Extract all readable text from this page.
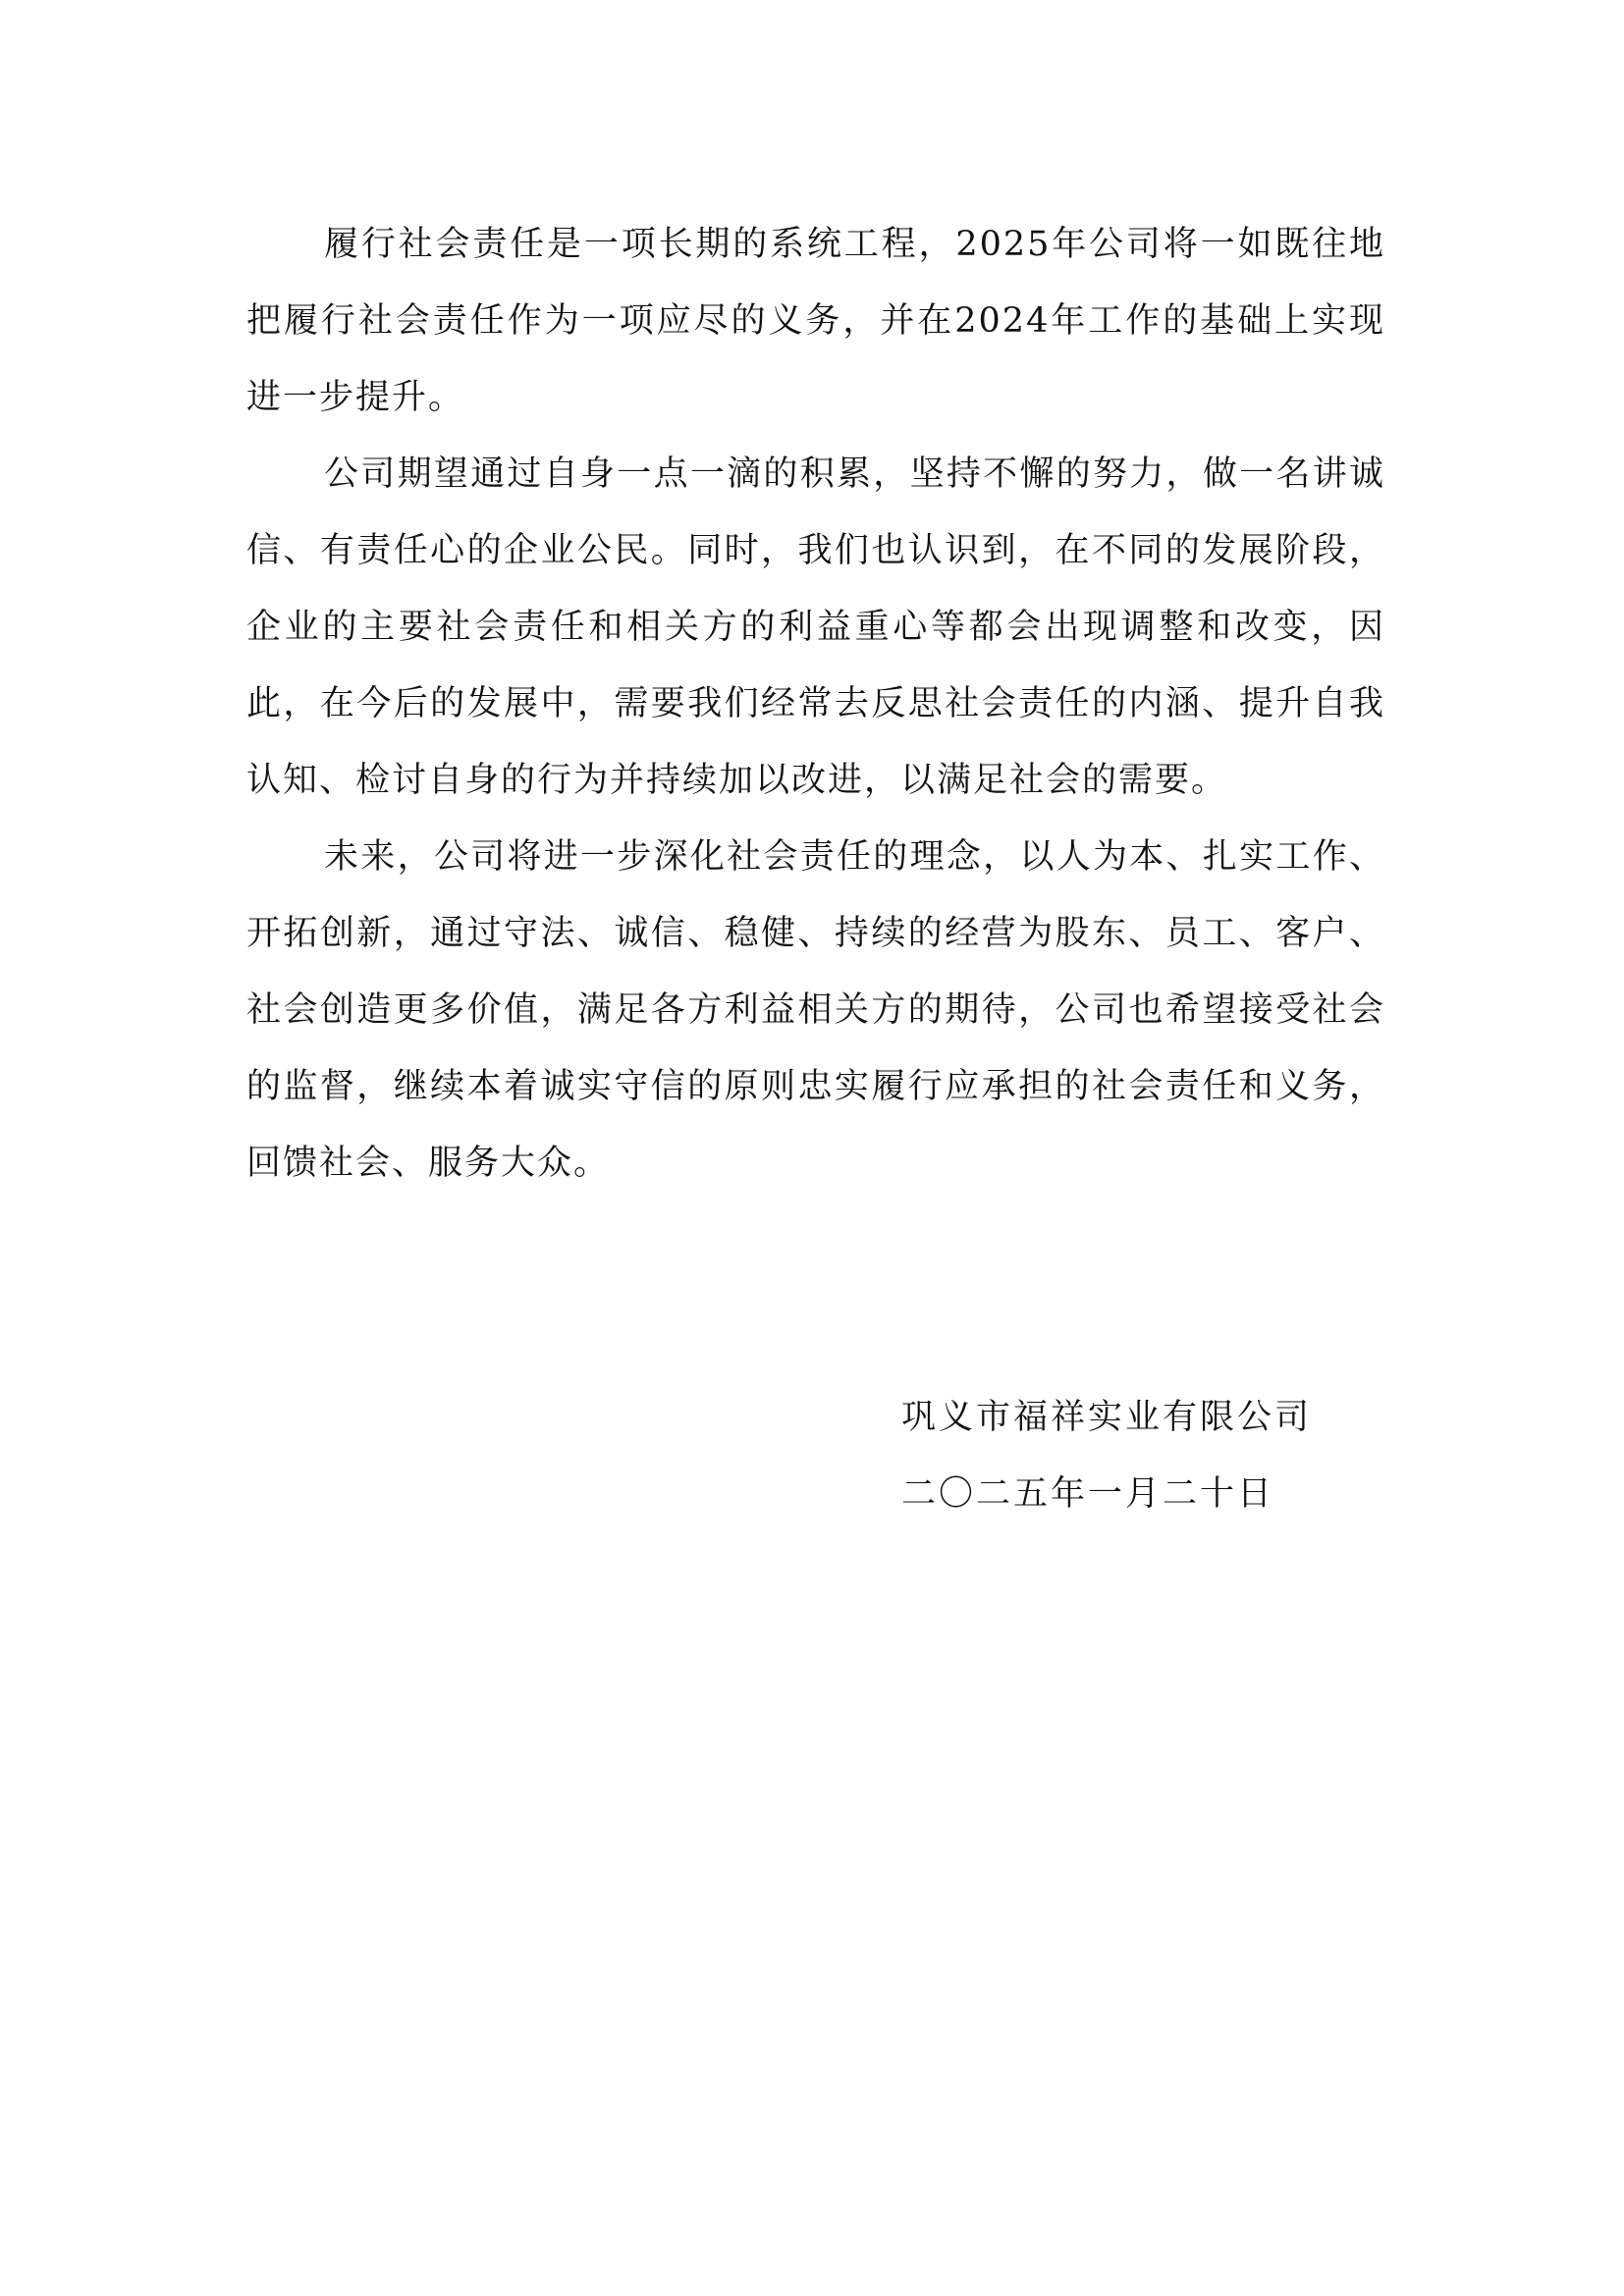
履行社会责任是一项长期的系统工程，2025年公司将一如既往地把履行社会责任作为一项应尽的义务，并在2024年工作的基础上实现进一步提升。

公司期望通过自身一点一滴的积累，坚持不懈的努力，做一名讲诚信、有责任心的企业公民。同时，我们也认识到，在不同的发展阶段，企业的主要社会责任和相关方的利益重心等都会出现调整和改变，因此，在今后的发展中，需要我们经常去反思社会责任的内涵、提升自我认知、检讨自身的行为并持续加以改进，以满足社会的需要。

未来，公司将进一步深化社会责任的理念，以人为本、扎实工作、开拓创新，通过守法、诚信、稳健、持续的经营为股东、员工、客户、社会创造更多价值，满足各方利益相关方的期待，公司也希望接受社会的监督，继续本着诚实守信的原则忠实履行应承担的社会责任和义务，回馈社会、服务大众。

巩义市福祥实业有限公司

二〇二五年一月二十日
